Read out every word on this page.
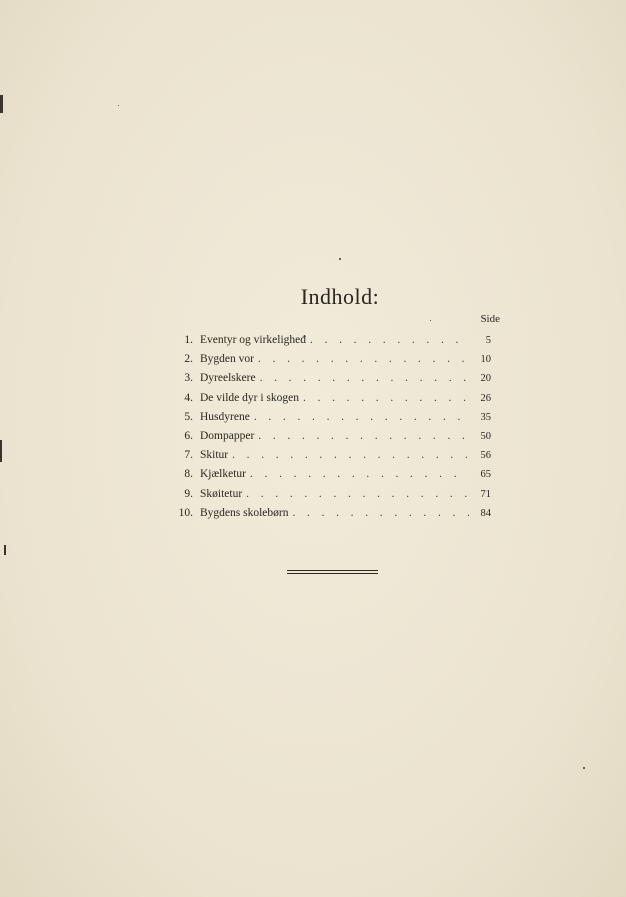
Indhold:
Side
1. Eventyr og virkeligheđ . . .	5
2. Bygden vor . . .	10
3. Dyreelskere . . .	20
4. De vilde dyr i skogen . . .	26
5. Husdyrene . . .	35
6. Dompapper . . .	50
7. Skitur . . .	56
8. Kjælketur . . .	65
9. Skøitetur . . .	71
10. Bygdens skolebørn . . .	84
